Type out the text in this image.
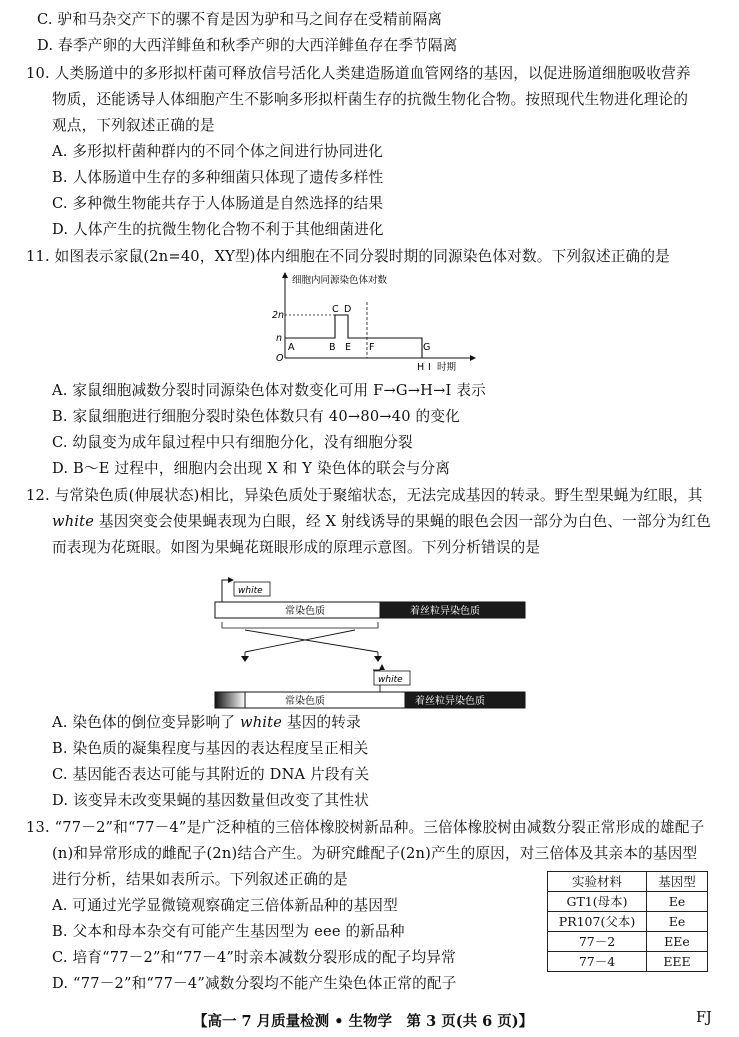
C. 驴和马杂交产下的骡不育是因为驴和马之间存在受精前隔离
D. 春季产卵的大西洋鲱鱼和秋季产卵的大西洋鲱鱼存在季节隔离
10. 人类肠道中的多形拟杆菌可释放信号活化人类建造肠道血管网络的基因，以促进肠道细胞吸收营养
物质，还能诱导人体细胞产生不影响多形拟杆菌生存的抗微生物化合物。按照现代生物进化理论的
观点，下列叙述正确的是
A. 多形拟杆菌种群内的不同个体之间进行协同进化
B. 人体肠道中生存的多种细菌只体现了遗传多样性
C. 多种微生物能共存于人体肠道是自然选择的结果
D. 人体产生的抗微生物化合物不利于其他细菌进化
11. 如图表示家鼠(2n=40，XY型)体内细胞在不同分裂时期的同源染色体对数。下列叙述正确的是
细胞内同源染色体对数
时期
2n
n
O
A	B
C D
E F	G
H I
A. 家鼠细胞减数分裂时同源染色体对数变化可用 F→G→H→I 表示
B. 家鼠细胞进行细胞分裂时染色体数只有 40→80→40 的变化
C. 幼鼠变为成年鼠过程中只有细胞分化，没有细胞分裂
D. B～E 过程中，细胞内会出现 X 和 Y 染色体的联会与分离
12. 与常染色质(伸展状态)相比，异染色质处于聚缩状态，无法完成基因的转录。野生型果蝇为红眼，其
white 基因突变会使果蝇表现为白眼，经 X 射线诱导的果蝇的眼色会因一部分为白色、一部分为红色
而表现为花斑眼。如图为果蝇花斑眼形成的原理示意图。下列分析错误的是
white
常染色质	着丝粒异染色质
white
常染色质	着丝粒异染色质
A. 染色体的倒位变异影响了 white 基因的转录
B. 染色质的凝集程度与基因的表达程度呈正相关
C. 基因能否表达可能与其附近的 DNA 片段有关
D. 该变异未改变果蝇的基因数量但改变了其性状
13. “77－2”和“77－4”是广泛种植的三倍体橡胶树新品种。三倍体橡胶树由减数分裂正常形成的雄配子
(n)和异常形成的雌配子(2n)结合产生。为研究雌配子(2n)产生的原因，对三倍体及其亲本的基因型
进行分析，结果如表所示。下列叙述正确的是
A. 可通过光学显微镜观察确定三倍体新品种的基因型
B. 父本和母本杂交有可能产生基因型为 eee 的新品种
C. 培育“77－2”和“77－4”时亲本减数分裂形成的配子均异常
D. “77－2”和“77－4”减数分裂均不能产生染色体正常的配子
实验材料	基因型
GT1(母本)	Ee
PR107(父本)	Ee
77－2	EEe
77－4	EEE
【高一 7 月质量检测 • 生物学　第 3 页(共 6 页)】	FJ
